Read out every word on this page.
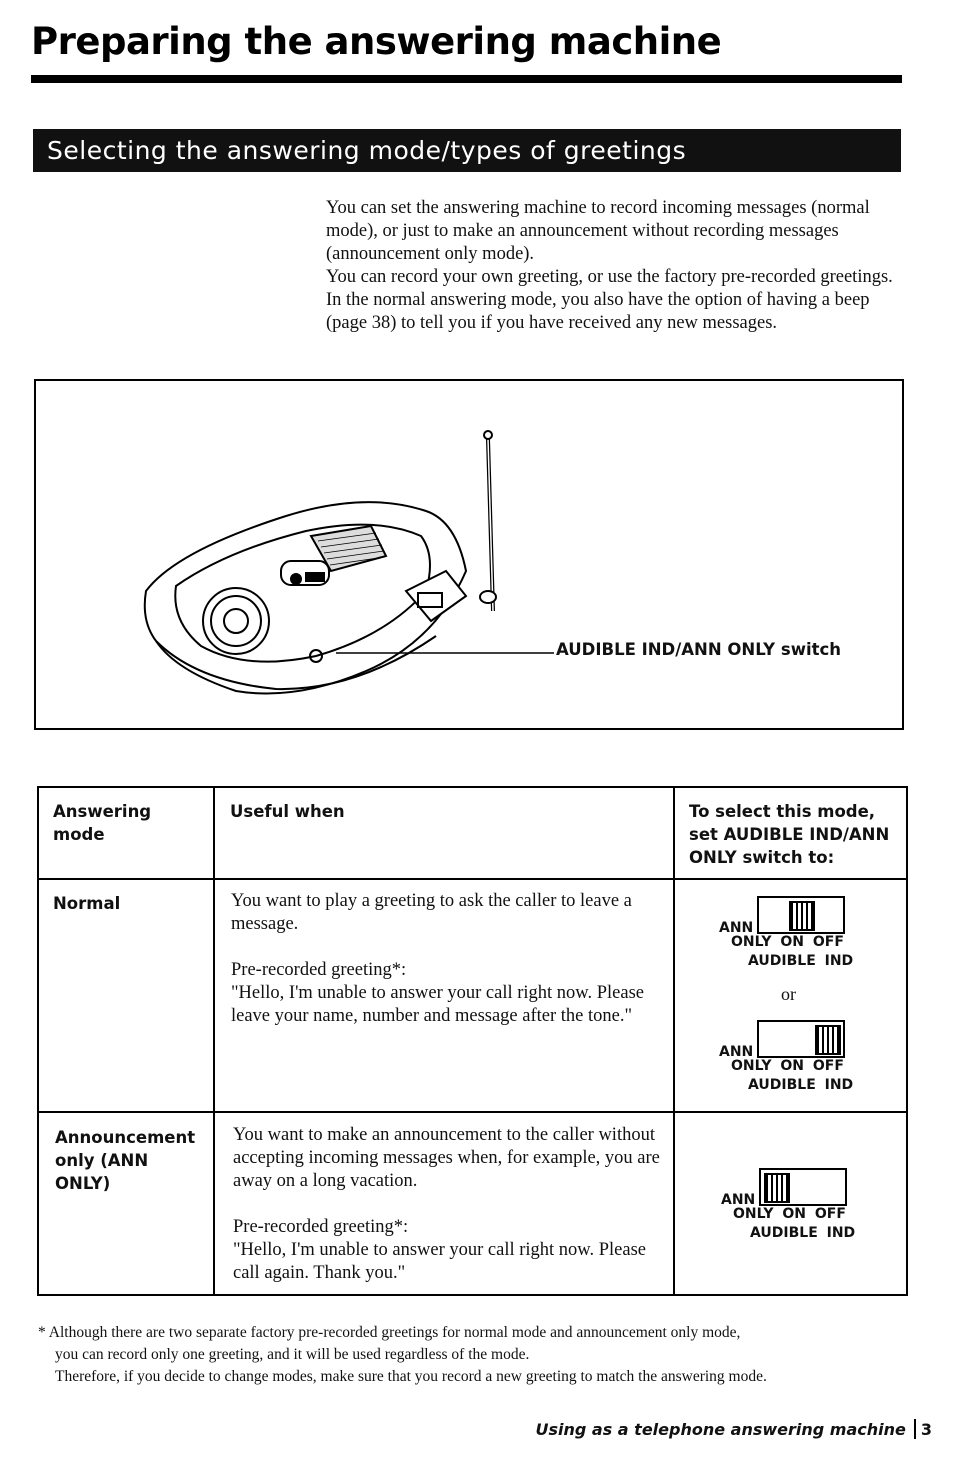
Preparing the answering machine
Selecting the answering mode/types of greetings

You can set the answering machine to record incoming messages (normal mode), or just to make an announcement without recording messages (announcement only mode).

You can record your own greeting, or use the factory pre-recorded greetings.

In the normal answering mode, you also have the option of having a beep (page 38) to tell you if you have received any new messages.

AUDIBLE IND/ANN ONLY switch
Answering mode
Useful when	To select this mode, set AUDIBLE IND/ANN ONLY switch to:
Normal	You want to play a greeting to ask the caller to leave a message.

Pre-recorded greeting*:

"Hello, I'm unable to answer your call right now. Please leave your name, number and message after the tone."

ANN
ONLY ON OFF
AUDIBLE IND
or
ANN
ONLY ON OFF
AUDIBLE IND
Announcement only (ANN ONLY)

You want to make an announcement to the caller without accepting incoming messages when, for example, you are away on a long vacation.

Pre-recorded greeting*:

"Hello, I'm unable to answer your call right now. Please call again. Thank you."

ANN
ONLY ON OFF
AUDIBLE IND

* Although there are two separate factory pre-recorded greetings for normal mode and announcement only mode,

you can record only one greeting, and it will be used regardless of the mode.

Therefore, if you decide to change modes, make sure that you record a new greeting to match the answering mode.

Using as a telephone answering machine 3
